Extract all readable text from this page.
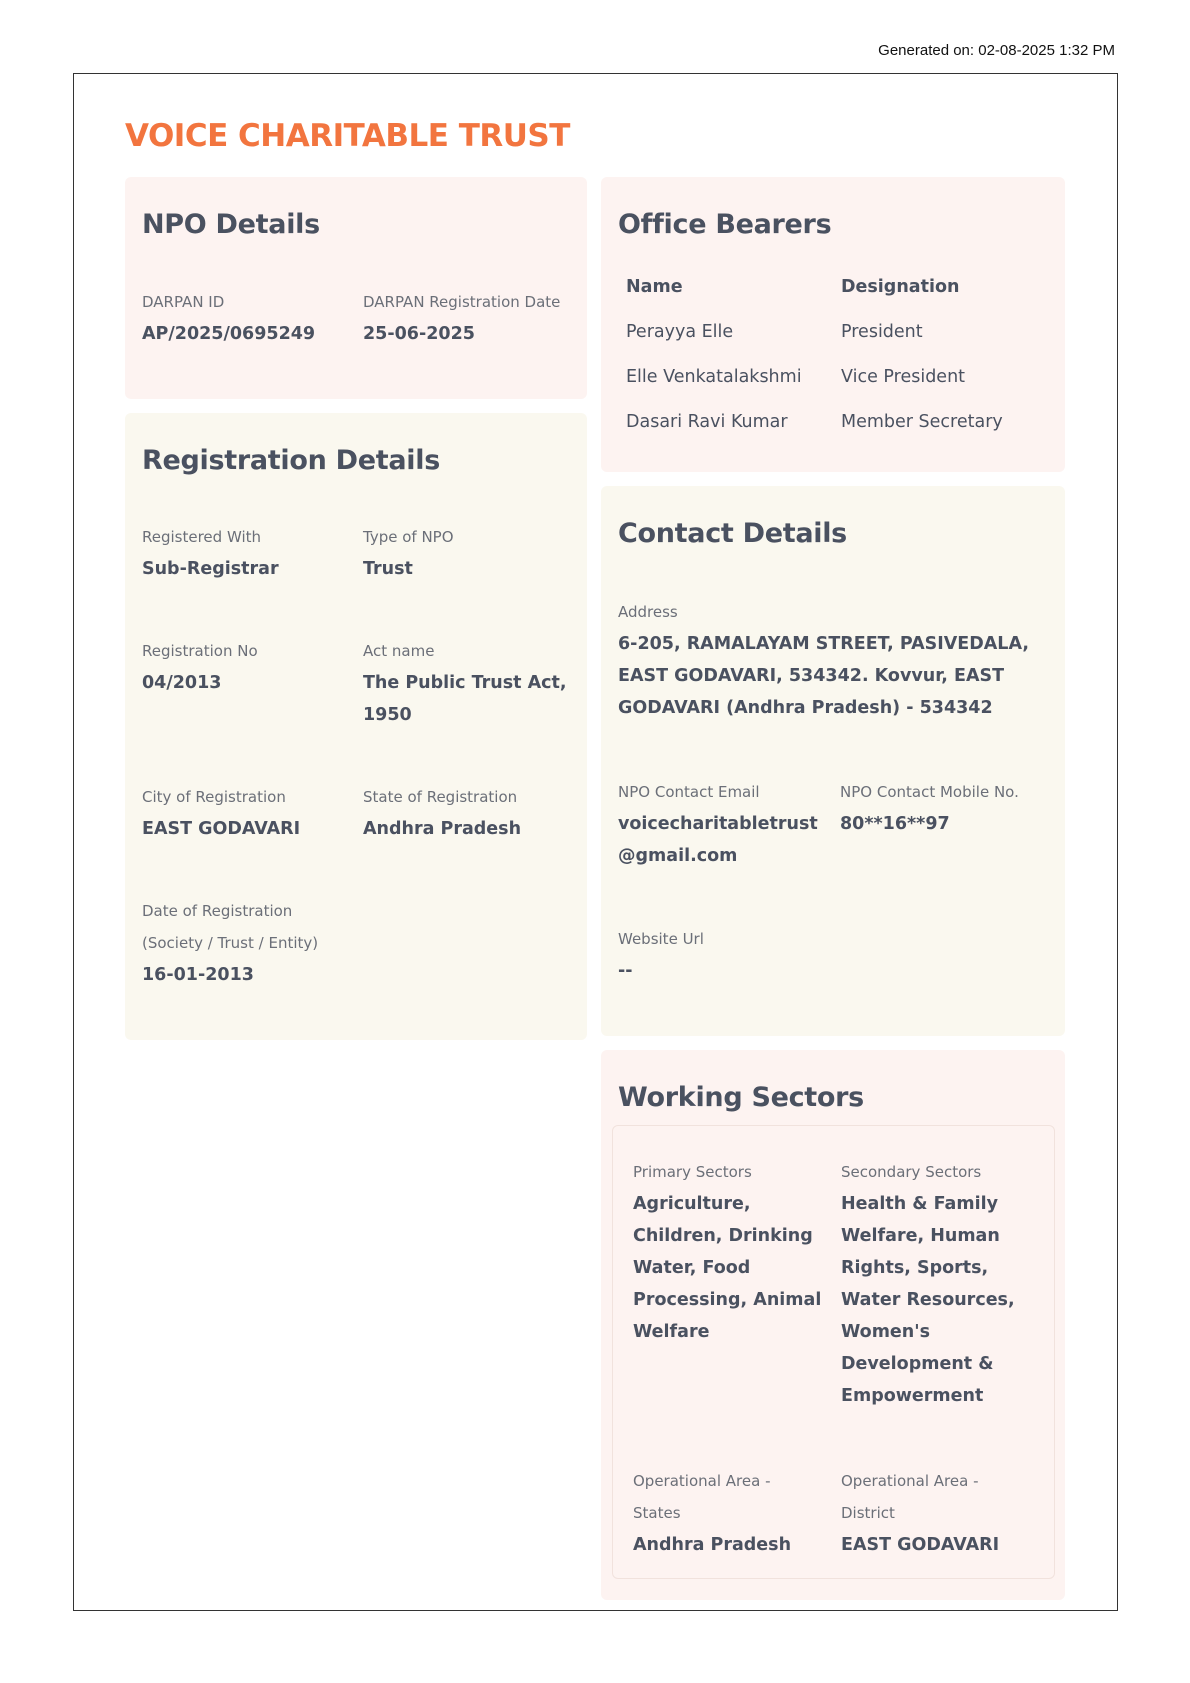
Generated on: 02-08-2025 1:32 PM
VOICE CHARITABLE TRUST
NPO Details
DARPAN ID
AP/2025/0695249
DARPAN Registration Date
25-06-2025
Registration Details
Registered With
Sub-Registrar
Type of NPO
Trust
Registration No
04/2013
Act name
The Public Trust Act,
1950
City of Registration
EAST GODAVARI
State of Registration
Andhra Pradesh
Date of Registration
(Society / Trust / Entity)
16-01-2013
Office Bearers
Name	Designation
Perayya Elle	President
Elle Venkatalakshmi	Vice President
Dasari Ravi Kumar	Member Secretary
Contact Details
Address
6-205, RAMALAYAM STREET, PASIVEDALA,
EAST GODAVARI, 534342. Kovvur, EAST
GODAVARI (Andhra Pradesh) - 534342
NPO Contact Email
voicecharitabletrust
@gmail.com
NPO Contact Mobile No.
80**16**97
Website Url
--
Working Sectors
Primary Sectors
Agriculture,
Children, Drinking
Water, Food
Processing, Animal
Welfare
Secondary Sectors
Health & Family
Welfare, Human
Rights, Sports,
Water Resources,
Women's
Development &
Empowerment
Operational Area -
States
Andhra Pradesh
Operational Area -
District
EAST GODAVARI
